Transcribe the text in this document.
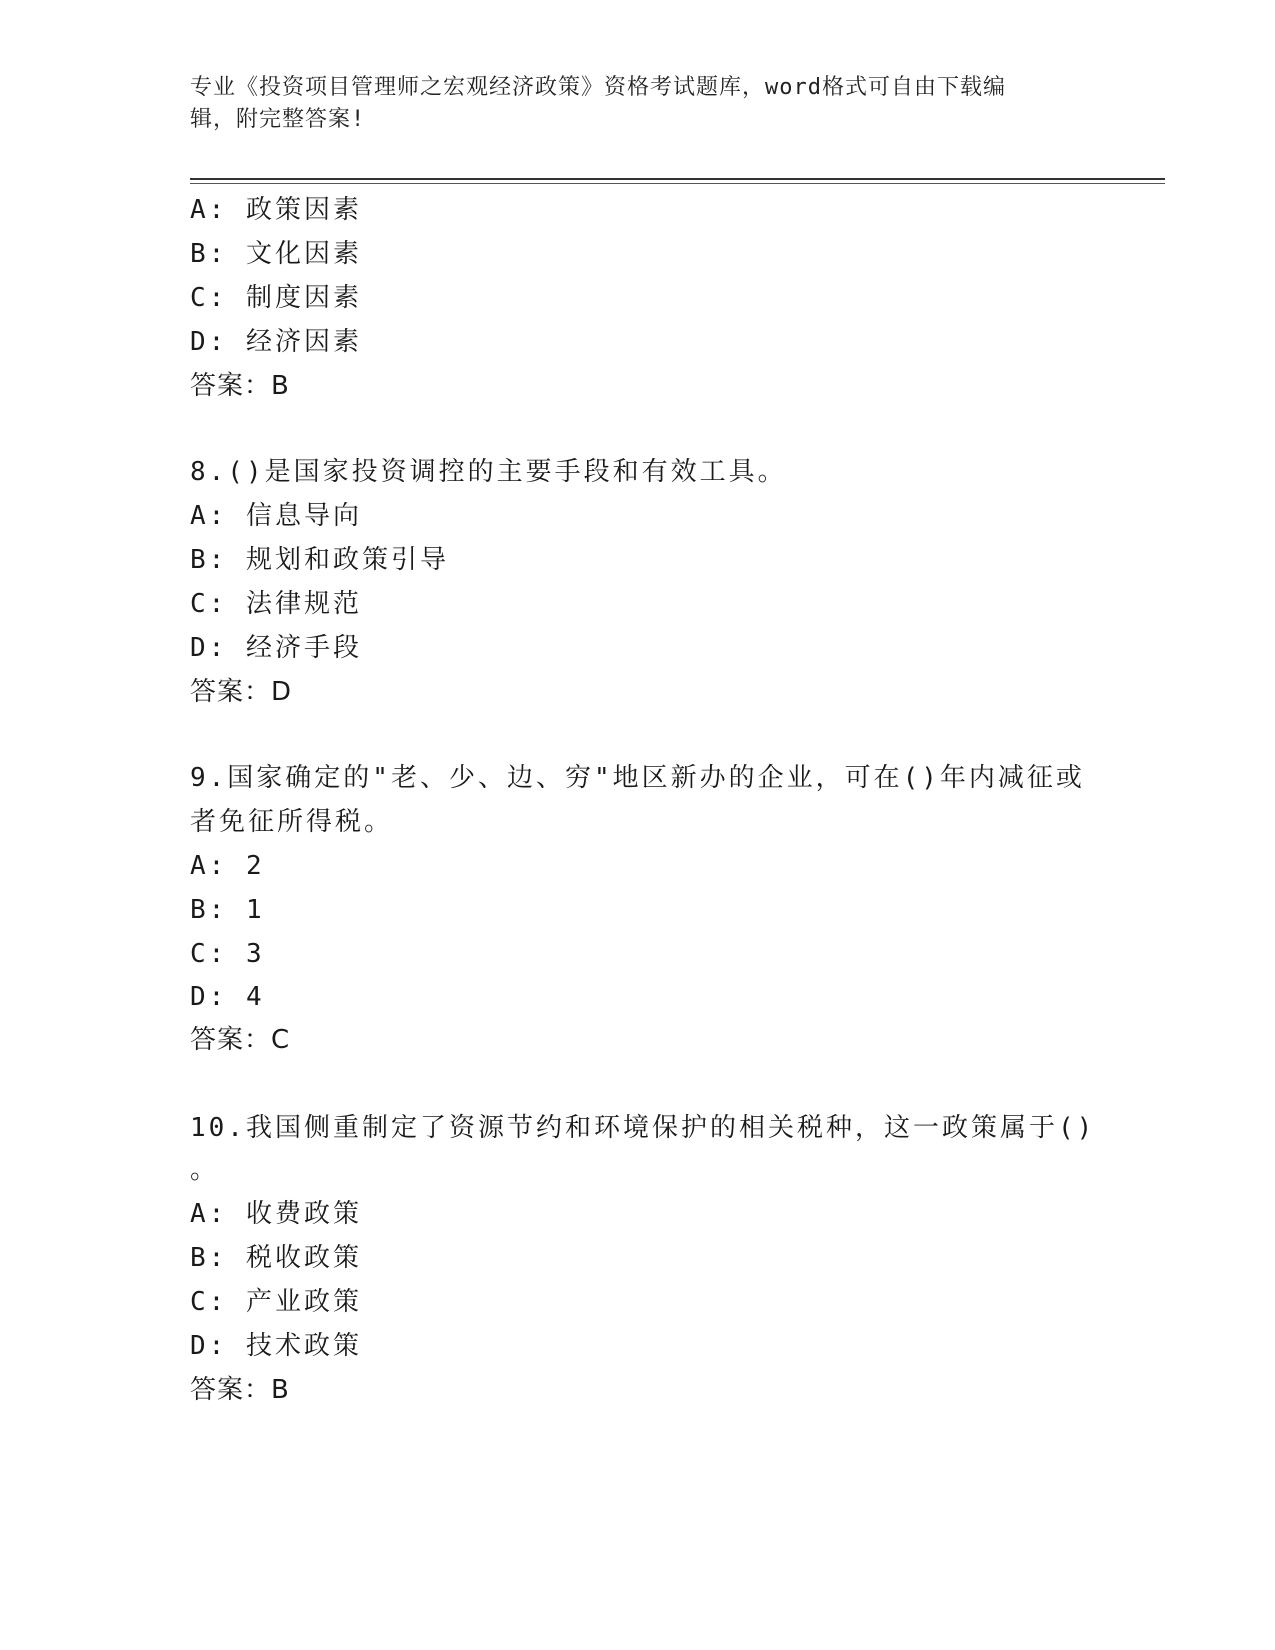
专业《投资项目管理师之宏观经济政策》资格考试题库，word格式可自由下载编
辑，附完整答案!
A: 政策因素
B: 文化因素
C: 制度因素
D: 经济因素
答案：B
8.()是国家投资调控的主要手段和有效工具。
A: 信息导向
B: 规划和政策引导
C: 法律规范
D: 经济手段
答案：D
9.国家确定的"老、少、边、穷"地区新办的企业，可在()年内减征或
者免征所得税。
A: 2
B: 1
C: 3
D: 4
答案：C
10.我国侧重制定了资源节约和环境保护的相关税种，这一政策属于()
。
A: 收费政策
B: 税收政策
C: 产业政策
D: 技术政策
答案：B
